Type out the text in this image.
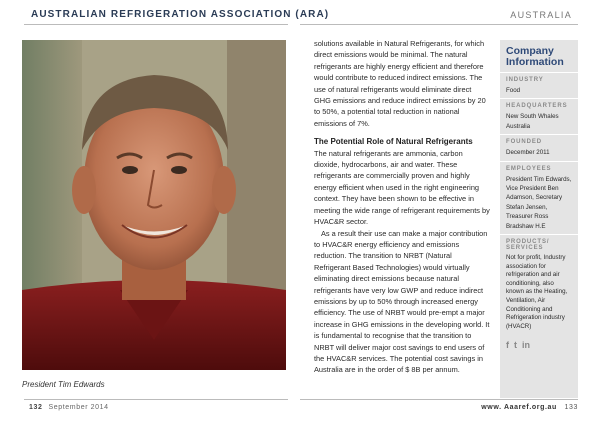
AUSTRALIAN REFRIGERATION ASSOCIATION (ARA)	AUSTRALIA
President Tim Edwards

solutions available in Natural Refrigerants, for which direct emissions would be minimal. The natural refrigerants are highly energy efficient and therefore would contribute to reduced indirect emissions. The use of natural refrigerants would eliminate direct GHG emissions and reduce indirect emissions by 20 to 50%, a potential total reduction in national emissions of 7%.

The Potential Role of Natural Refrigerants

The natural refrigerants are ammonia, carbon dioxide, hydrocarbons, air and water. These refrigerants are commercially proven and highly energy efficient when used in the right engineering context. They have been shown to be effective in meeting the wide range of refrigerant requirements by HVAC&R sector.

As a result their use can make a major contribution to HVAC&R energy efficiency and emissions reduction. The transition to NRBT (Natural Refrigerant Based Technologies) would virtually eliminating direct emissions because natural refrigerants have very low GWP and reduce indirect emissions by up to 50% through increased energy efficiency. The use of NRBT would pre-empt a major increase in GHG emissions in the developing world. It is fundamental to recognise that the transition to NRBT will deliver major cost savings to end users of the HVAC&R services. The potential cost savings in Australia are in the order of $ 8B per annum.

Company Information
INDUSTRY
Food
HEADQUARTERS
New South Whales Australia
FOUNDED
December 2011
EMPLOYEES
President Tim Edwards, Vice President Ben Adamson, Secretary Stefan Jensen, Treasurer Ross Bradshaw H.E
PRODUCTS/ SERVICES
Not for profit, Industry association for refrigeration and air conditioning, also known as the Heating, Ventilation, Air Conditioning and Refrigeration industry (HVACR)
f t in
132 September 2014	www. Aaaref.org.au 133
